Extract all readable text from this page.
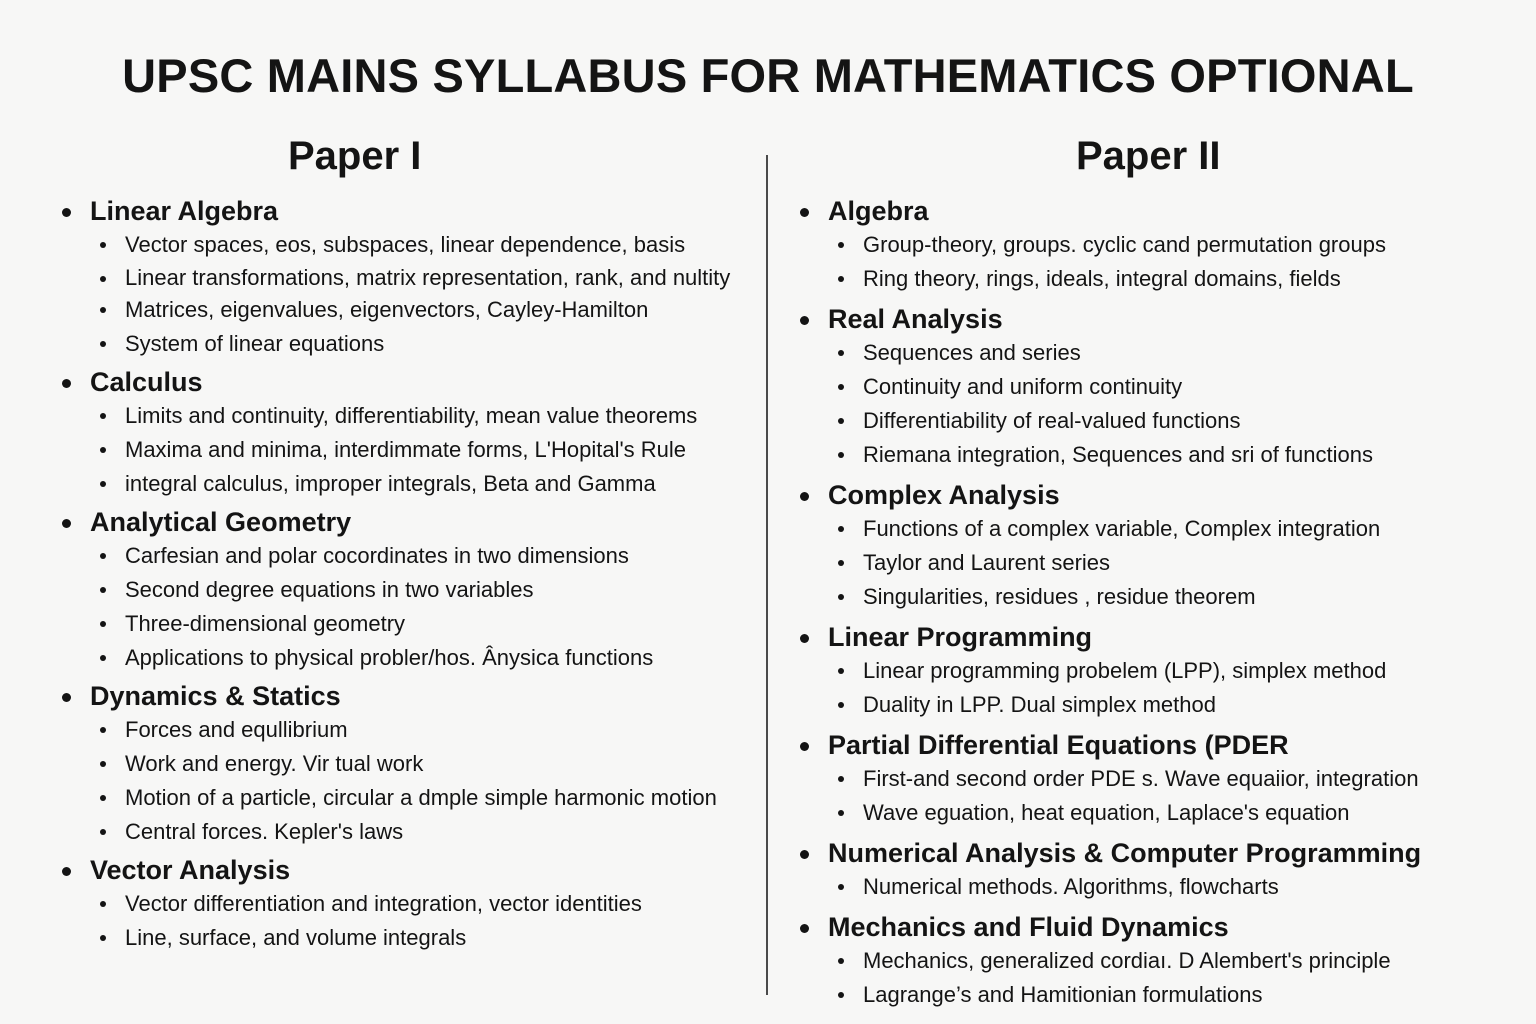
UPSC MAINS SYLLABUS FOR MATHEMATICS OPTIONAL
Paper I
Linear Algebra
Vector spaces, eos, subspaces, linear dependence, basis
Linear transformations, matrix representation, rank, and nultity
Matrices, eigenvalues, eigenvectors, Cayley-Hamilton
System of linear equations
Calculus
Limits and continuity, differentiability, mean value theorems
Maxima and minima, interdimmate forms, L'Hopital's Rule
integral calculus, improper integrals, Beta and Gamma
Analytical Geometry
Carfesian and polar cocordinates in two dimensions
Second degree equations in two variables
Three-dimensional geometry
Applications to physical probler/hos. Ânysica functions
Dynamics & Statics
Forces and equllibrium
Work and energy. Vir tual work
Motion of a particle, circular a dmple simple harmonic motion
Central forces. Kepler's laws
Vector Analysis
Vector differentiation and integration, vector identities
Line, surface, and volume integrals
Paper II
Algebra
Group-theory, groups. cyclic cand permutation groups
Ring theory, rings, ideals, integral domains, fields
Real Analysis
Sequences and series
Continuity and uniform continuity
Differentiability of real-valued functions
Riemana integration, Sequences and sri of functions
Complex Analysis
Functions of a complex variable, Complex integration
Taylor and Laurent series
Singularities, residues , residue theorem
Linear Programming
Linear programming probelem (LPP), simplex method
Duality in LPP. Dual simplex method
Partial Differential Equations (PDER
First-and second order PDE s. Wave equaiior, integration
Wave eguation, heat equation, Laplace's equation
Numerical Analysis & Computer Programming
Numerical methods. Algorithms, flowcharts
Mechanics and Fluid Dynamics
Mechanics, generalized cordiaı. D Alembert's principle
Lagrange’s and Hamitionian formulations
